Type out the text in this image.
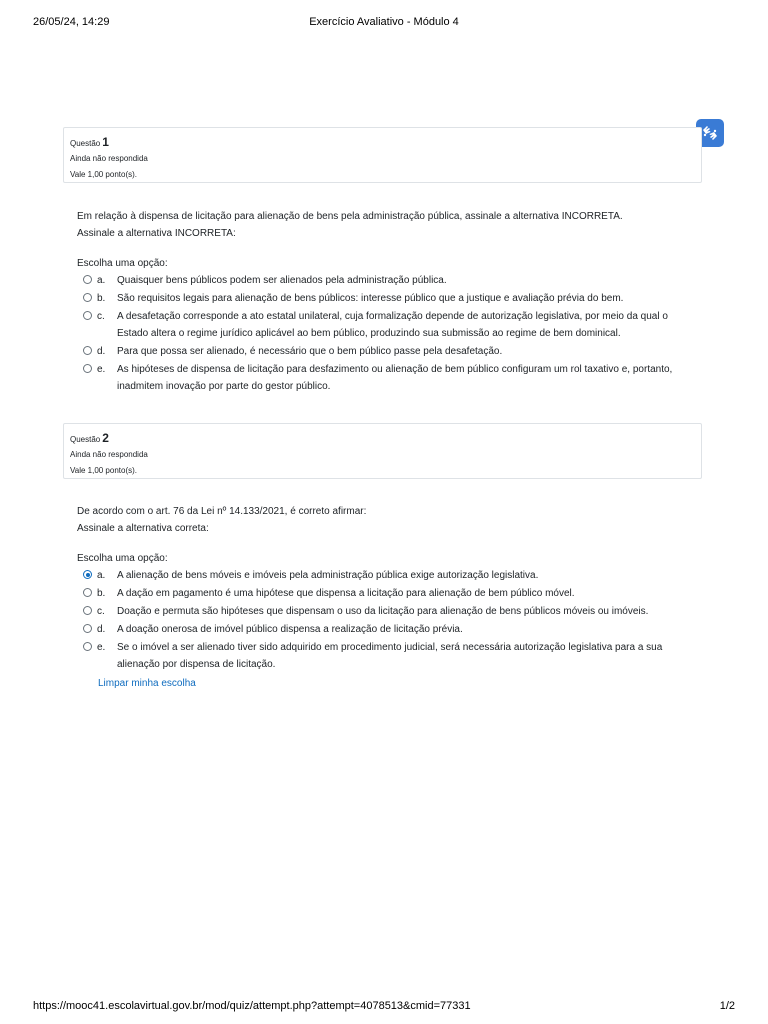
26/05/24, 14:29	Exercício Avaliativo - Módulo 4
Questão 1
Ainda não respondida
Vale 1,00 ponto(s).

Em relação à dispensa de licitação para alienação de bens pela administração pública, assinale a alternativa INCORRETA.

Assinale a alternativa INCORRETA:

Escolha uma opção:

a. Quaisquer bens públicos podem ser alienados pela administração pública.
b. São requisitos legais para alienação de bens públicos: interesse público que a justique e avaliação prévia do bem.
c. A desafetação corresponde a ato estatal unilateral, cuja formalização depende de autorização legislativa, por meio da qual o Estado altera o regime jurídico aplicável ao bem público, produzindo sua submissão ao regime de bem dominical.
d. Para que possa ser alienado, é necessário que o bem público passe pela desafetação.
e. As hipóteses de dispensa de licitação para desfazimento ou alienação de bem público configuram um rol taxativo e, portanto, inadmitem inovação por parte do gestor público.
Questão 2
Ainda não respondida
Vale 1,00 ponto(s).

De acordo com o art. 76 da Lei nº 14.133/2021, é correto afirmar:

Assinale a alternativa correta:

Escolha uma opção:

a. A alienação de bens móveis e imóveis pela administração pública exige autorização legislativa.
b. A dação em pagamento é uma hipótese que dispensa a licitação para alienação de bem público móvel.
c. Doação e permuta são hipóteses que dispensam o uso da licitação para alienação de bens públicos móveis ou imóveis.
d. A doação onerosa de imóvel público dispensa a realização de licitação prévia.
e. Se o imóvel a ser alienado tiver sido adquirido em procedimento judicial, será necessária autorização legislativa para a sua alienação por dispensa de licitação.
Limpar minha escolha
https://mooc41.escolavirtual.gov.br/mod/quiz/attempt.php?attempt=4078513&cmid=77331	1/2
